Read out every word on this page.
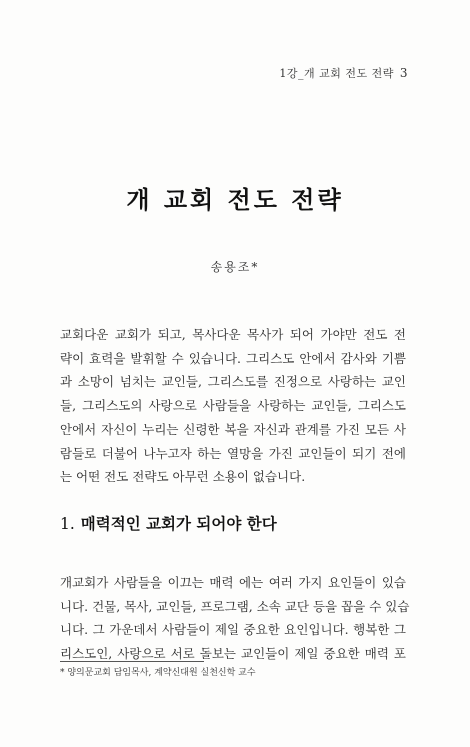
1강_개 교회 전도 전략 3
개 교회 전도 전략
송용조*
교회다운 교회가 되고, 목사다운 목사가 되어 가야만 전도 전
략이 효력을 발휘할 수 있습니다. 그리스도 안에서 감사와 기쁨
과 소망이 넘치는 교인들, 그리스도를 진정으로 사랑하는 교인
들, 그리스도의 사랑으로 사람들을 사랑하는 교인들, 그리스도
안에서 자신이 누리는 신령한 복을 자신과 관계를 가진 모든 사
람들로 더불어 나누고자 하는 열망을 가진 교인들이 되기 전에
는 어떤 전도 전략도 아무런 소용이 없습니다.
1. 매력적인 교회가 되어야 한다
개교회가 사람들을 이끄는 매력 에는 여러 가지 요인들이 있습
니다. 건물, 목사, 교인들, 프로그램, 소속 교단 등을 꼽을 수 있습
니다. 그 가운데서 사람들이 제일 중요한 요인입니다. 행복한 그
리스도인, 사랑으로 서로 돌보는 교인들이 제일 중요한 매력 포
* 양의문교회 담임목사, 계약신대원 실천신학 교수
